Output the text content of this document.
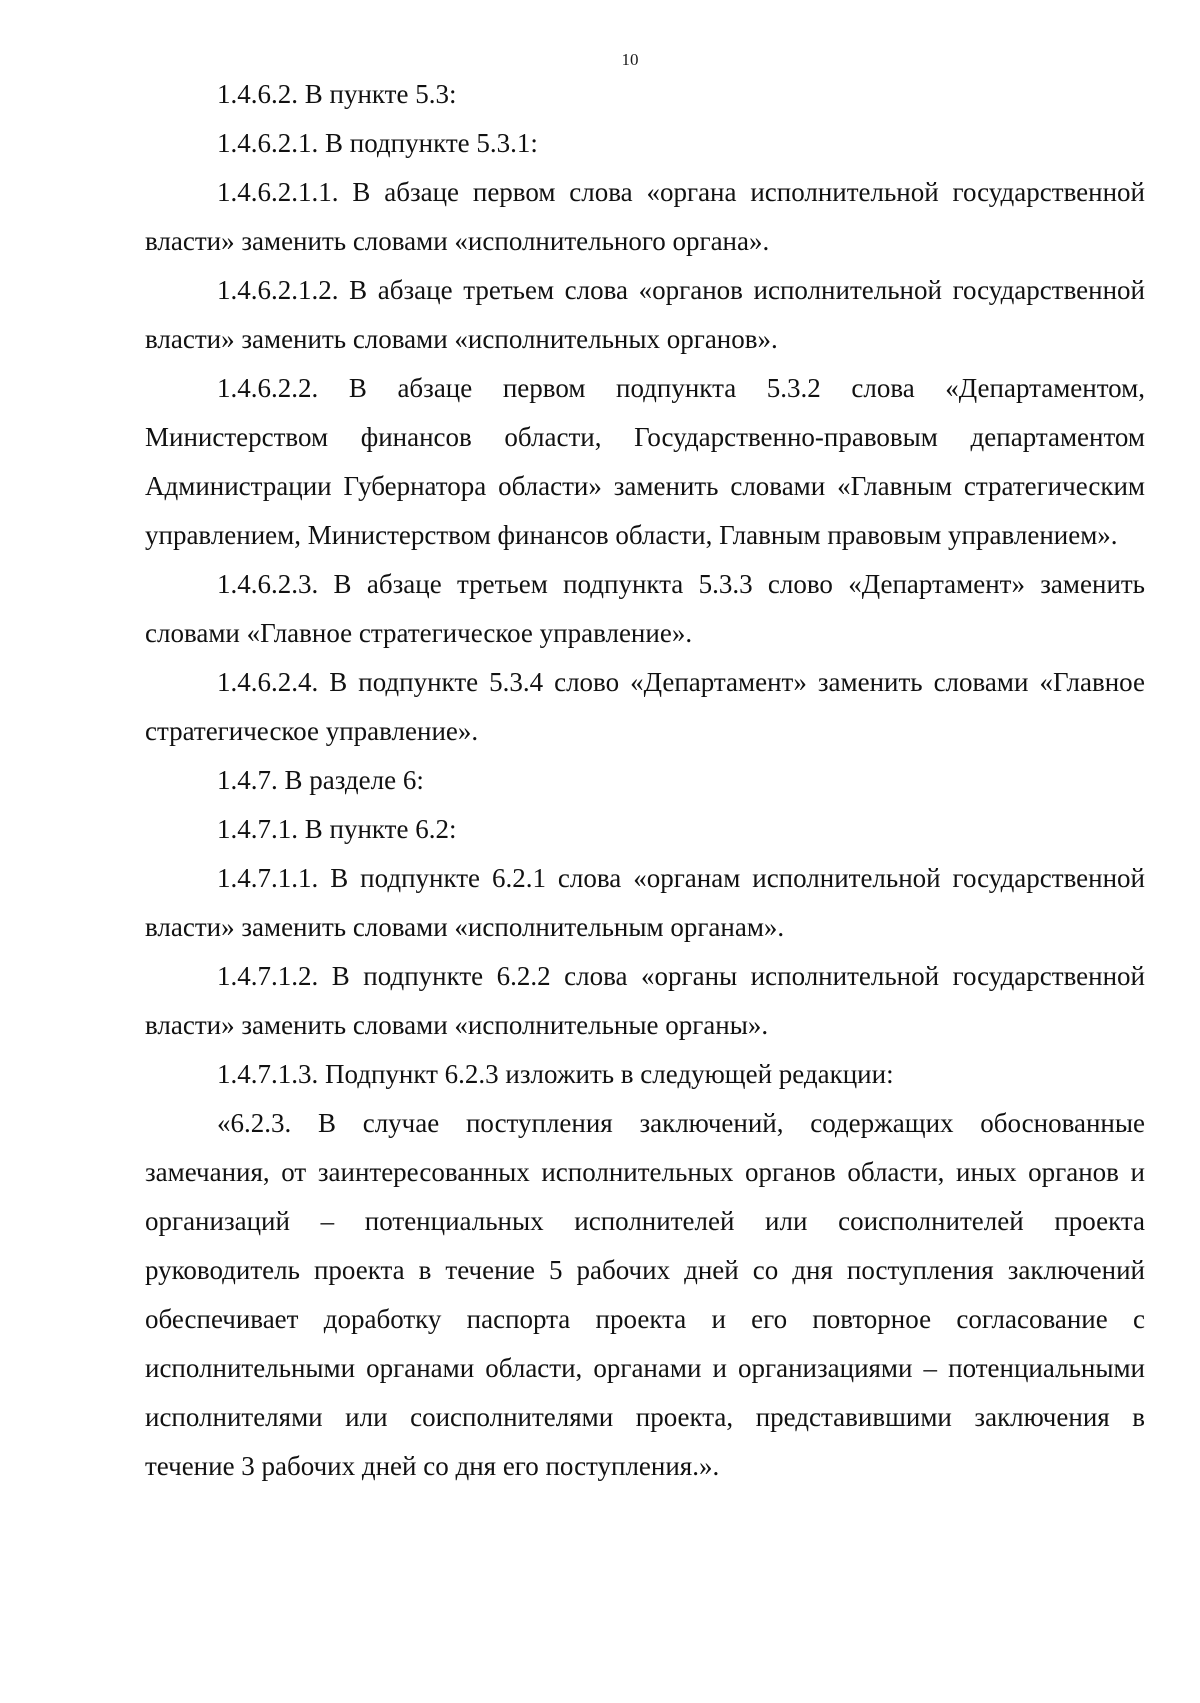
10

1.4.6.2. В пункте 5.3:

1.4.6.2.1. В подпункте 5.3.1:

1.4.6.2.1.1. В абзаце первом слова «органа исполнительной государственной власти» заменить словами «исполнительного органа».

1.4.6.2.1.2. В абзаце третьем слова «органов исполнительной государственной власти» заменить словами «исполнительных органов».

1.4.6.2.2. В абзаце первом подпункта 5.3.2 слова «Департаментом, Министерством финансов области, Государственно-правовым департаментом Администрации Губернатора области» заменить словами «Главным стратегическим управлением, Министерством финансов области, Главным правовым управлением».

1.4.6.2.3. В абзаце третьем подпункта 5.3.3 слово «Департамент» заменить словами «Главное стратегическое управление».

1.4.6.2.4. В подпункте 5.3.4 слово «Департамент» заменить словами «Главное стратегическое управление».

1.4.7. В разделе 6:

1.4.7.1. В пункте 6.2:

1.4.7.1.1. В подпункте 6.2.1 слова «органам исполнительной государственной власти» заменить словами «исполнительным органам».

1.4.7.1.2. В подпункте 6.2.2 слова «органы исполнительной государственной власти» заменить словами «исполнительные органы».

1.4.7.1.3. Подпункт 6.2.3 изложить в следующей редакции:

«6.2.3. В случае поступления заключений, содержащих обоснованные замечания, от заинтересованных исполнительных органов области, иных органов и организаций – потенциальных исполнителей или соисполнителей проекта руководитель проекта в течение 5 рабочих дней со дня поступления заключений обеспечивает доработку паспорта проекта и его повторное согласование с исполнительными органами области, органами и организациями – потенциальными исполнителями или соисполнителями проекта, представившими заключения в течение 3 рабочих дней со дня его поступления.».
